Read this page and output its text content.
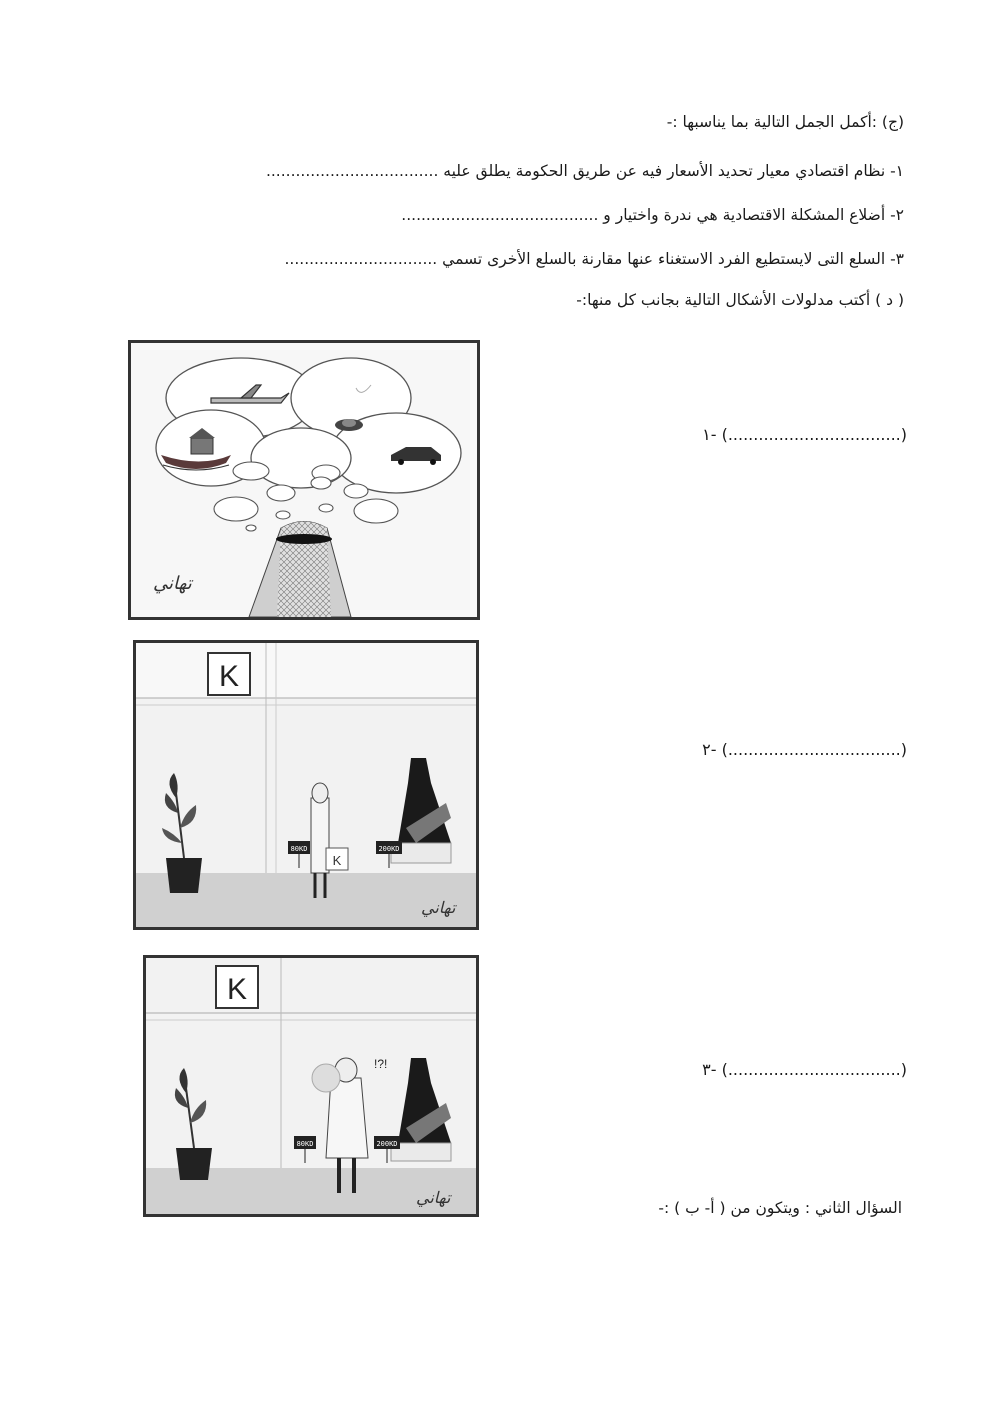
(ج) :أكمل الجمل التالية بما يناسبها :-
١- نظام اقتصادي معيار تحديد الأسعار فيه عن طريق الحكومة يطلق عليه ...................................
٢- أضلاع المشكلة الاقتصادية هي ندرة واختيار و ........................................
٣- السلع التى لايستطيع الفرد الاستغناء عنها مقارنة بالسلع الأخرى تسمي ...............................
( د ) أكتب مدلولات الأشكال التالية بجانب كل منها:-
(..................................) -١
(..................................) -٢
(..................................) -٣
ﺗﻬﺎﻧﻲ
K
K
80KD	200KD
ﺗﻬﺎﻧﻲ
K
!?!
80KD	200KD
ﺗﻬﺎﻧﻲ
السؤال الثاني : ويتكون من ( أ- ب ) :-
